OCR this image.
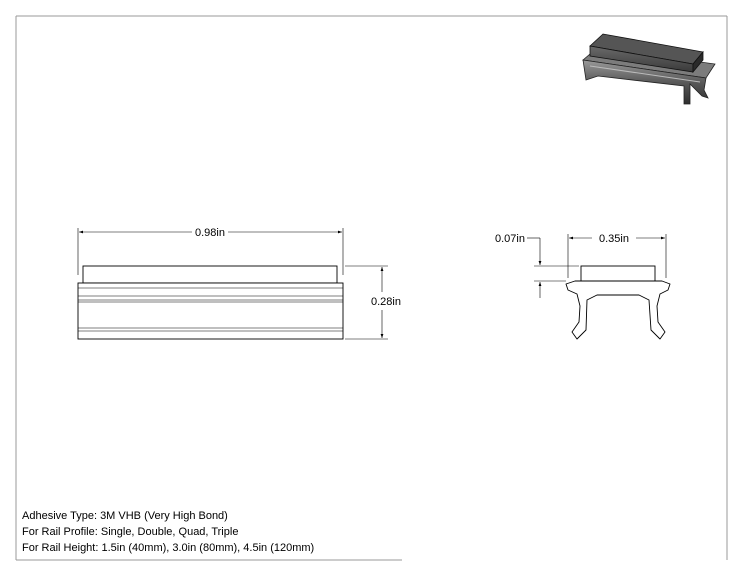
0.98in
0.28in
0.35in
0.07in
Adhesive Type: 3M VHB (Very High Bond)
For Rail Profile: Single, Double, Quad, Triple
For Rail Height: 1.5in (40mm), 3.0in (80mm), 4.5in (120mm)
